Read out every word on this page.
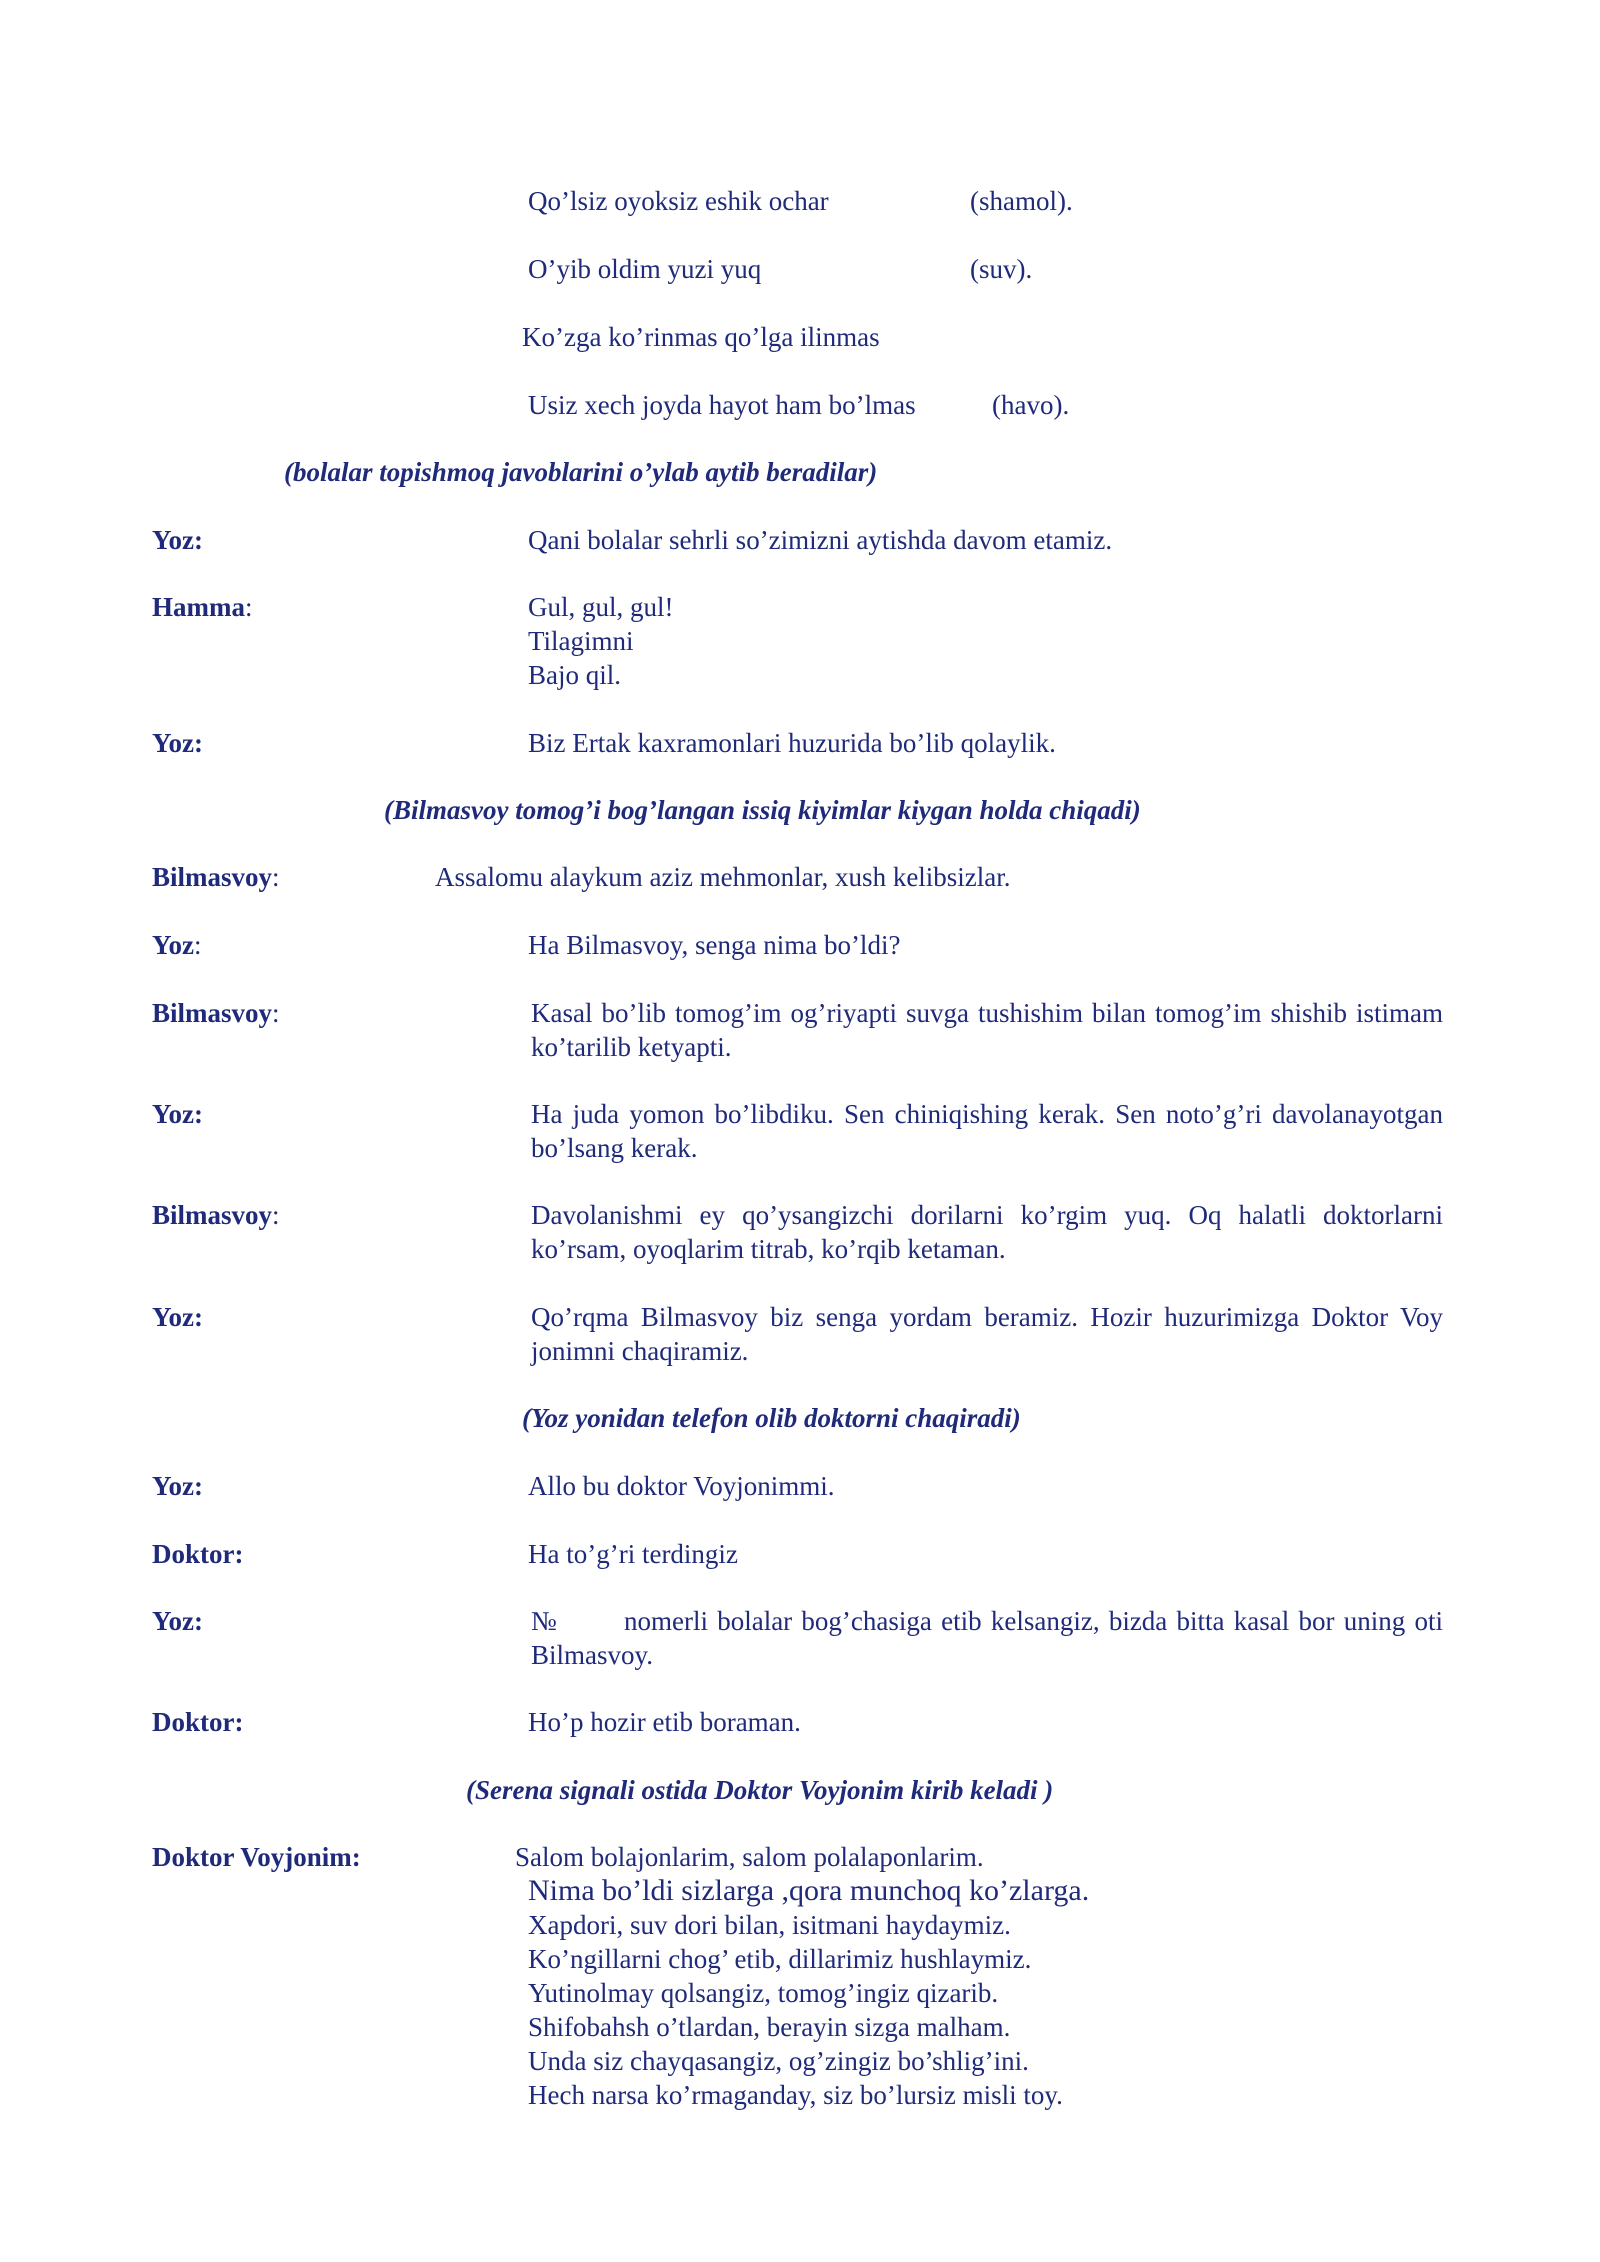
Qo’lsiz oyoksiz eshik ochar	(shamol).
O’yib oldim yuzi yuq	(suv).
Ko’zga ko’rinmas qo’lga ilinmas
Usiz xech joyda hayot ham bo’lmas	(havo).
(bolalar topishmoq javoblarini o’ylab aytib beradilar)
Yoz:	Qani bolalar sehrli so’zimizni aytishda davom etamiz.
Hamma:	Gul, gul, gul!
Tilagimni
Bajo qil.
Yoz:	Biz Ertak kaxramonlari huzurida bo’lib qolaylik.
(Bilmasvoy tomog’i bog’langan issiq kiyimlar kiygan holda chiqadi)
Bilmasvoy:	Assalomu alaykum aziz mehmonlar, xush kelibsizlar.
Yoz:	Ha Bilmasvoy, senga nima bo’ldi?
Bilmasvoy:	Kasal bo’lib tomog’im og’riyapti suvga tushishim bilan tomog’im shishib istimam ko’tarilib ketyapti.
Yoz:	Ha juda yomon bo’libdiku. Sen chiniqishing kerak. Sen noto’g’ri davolanayotgan bo’lsang kerak.
Bilmasvoy:	Davolanishmi ey qo’ysangizchi dorilarni ko’rgim yuq. Oq halatli doktorlarni ko’rsam, oyoqlarim titrab, ko’rqib ketaman.
Yoz:	Qo’rqma Bilmasvoy biz senga yordam beramiz. Hozir huzurimizga Doktor Voy jonimni chaqiramiz.
(Yoz yonidan telefon olib doktorni chaqiradi)
Yoz:	Allo bu doktor Voyjonimmi.
Doktor:	Ha to’g’ri terdingiz
Yoz:	№       nomerli bolalar bog’chasiga etib kelsangiz, bizda bitta kasal bor uning oti Bilmasvoy.
Doktor:	Ho’p hozir etib boraman.
(Serena signali ostida Doktor Voyjonim kirib keladi )
Doktor Voyjonim:	Salom bolajonlarim, salom polalaponlarim.
Nima bo’ldi sizlarga ,qora munchoq ko’zlarga.
Xapdori, suv dori bilan, isitmani haydaymiz.
Ko’ngillarni chog’ etib, dillarimiz hushlaymiz.
Yutinolmay qolsangiz, tomog’ingiz qizarib.
Shifobahsh o’tlardan, berayin sizga malham.
Unda siz chayqasangiz, og’zingiz bo’shlig’ini.
Hech narsa ko’rmaganday, siz bo’lursiz misli toy.
